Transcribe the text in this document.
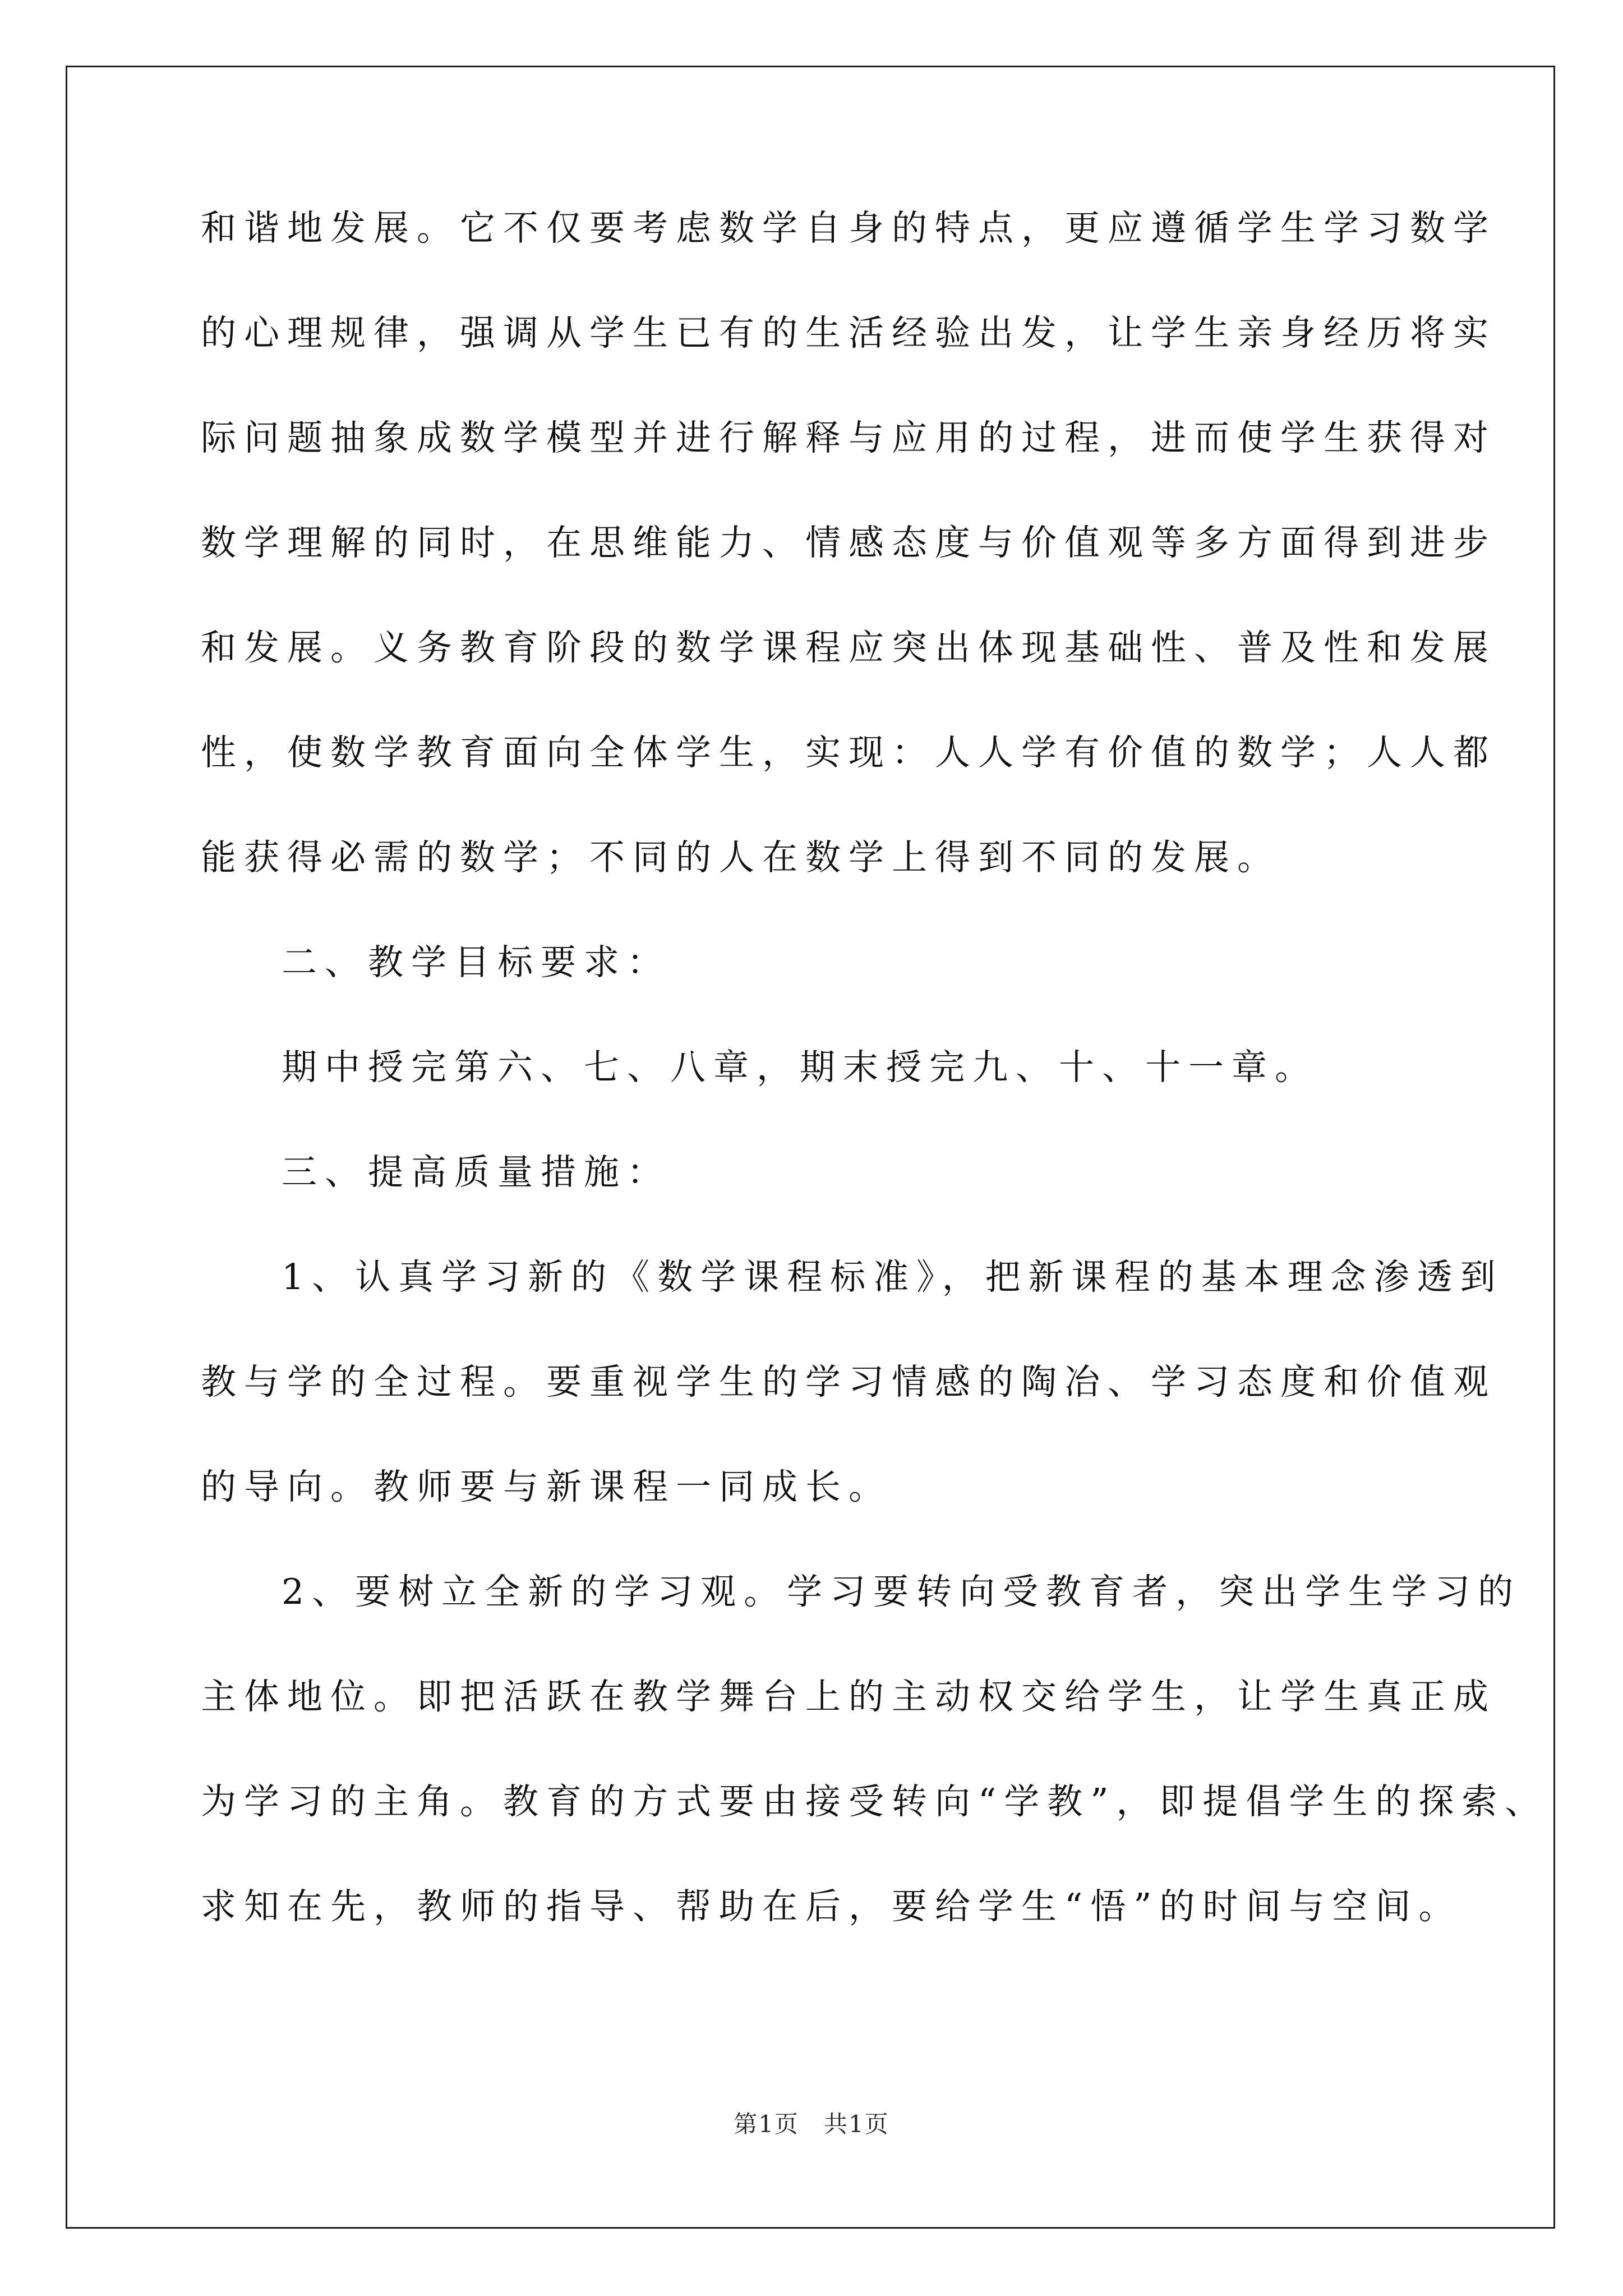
和谐地发展。它不仅要考虑数学自身的特点，更应遵循学生学习数学
的心理规律，强调从学生已有的生活经验出发，让学生亲身经历将实
际问题抽象成数学模型并进行解释与应用的过程，进而使学生获得对
数学理解的同时，在思维能力、情感态度与价值观等多方面得到进步
和发展。义务教育阶段的数学课程应突出体现基础性、普及性和发展
性，使数学教育面向全体学生，实现：人人学有价值的数学；人人都
能获得必需的数学；不同的人在数学上得到不同的发展。
二、教学目标要求：
期中授完第六、七、八章，期末授完九、十、十一章。
三、提高质量措施：
1、认真学习新的《数学课程标准》，把新课程的基本理念渗透到
教与学的全过程。要重视学生的学习情感的陶冶、学习态度和价值观
的导向。教师要与新课程一同成长。
2、要树立全新的学习观。学习要转向受教育者，突出学生学习的
主体地位。即把活跃在教学舞台上的主动权交给学生，让学生真正成
为学习的主角。教育的方式要由接受转向“学教”，即提倡学生的探索、
求知在先，教师的指导、帮助在后，要给学生“悟”的时间与空间。
第1页　共1页
